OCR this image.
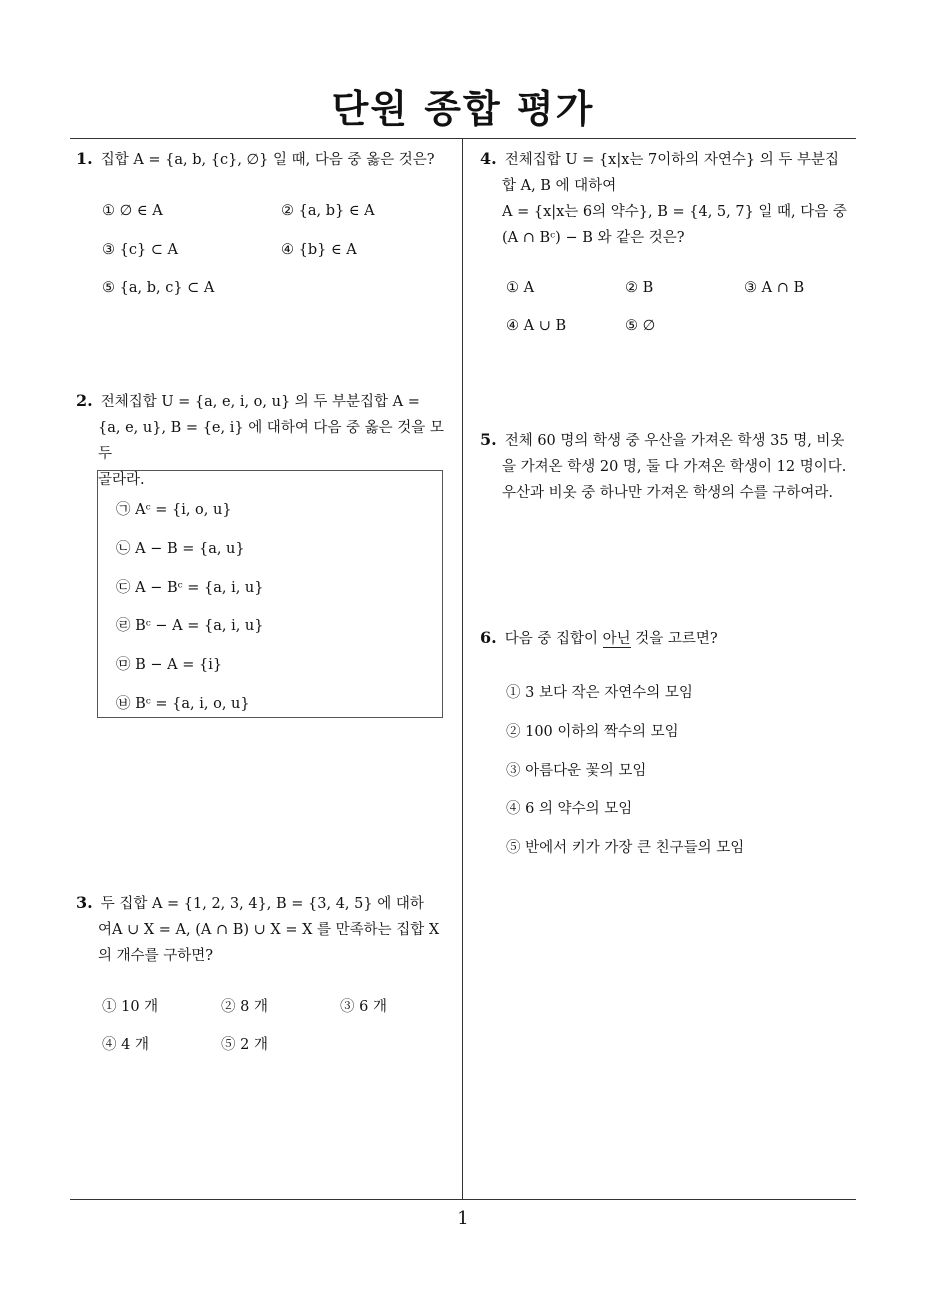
단원 종합 평가
1. 집합 A = {a, b, {c}, ∅} 일 때, 다음 중 옳은 것은?
① ∅ ∈ A	② {a, b} ∈ A
③ {c} ⊂ A	④ {b} ∈ A
⑤ {a, b, c} ⊂ A
2. 전체집합 U = {a, e, i, o, u} 의 두 부분집합 A =
{a, e, u}, B = {e, i} 에 대하여 다음 중 옳은 것을 모두
골라라.
㉠ Aᶜ = {i, o, u}
㉡ A − B = {a, u}
㉢ A − Bᶜ = {a, i, u}
㉣ Bᶜ − A = {a, i, u}
㉤ B − A = {i}
㉥ Bᶜ = {a, i, o, u}
3. 두 집합 A = {1, 2, 3, 4}, B = {3, 4, 5} 에 대하
여A ∪ X = A, (A ∩ B) ∪ X = X 를 만족하는 집합 X
의 개수를 구하면?
① 10 개	② 8 개	③ 6 개
④ 4 개	⑤ 2 개
4. 전체집합 U = {x|x는 7이하의 자연수} 의 두 부분집
합 A, B 에 대하여
A = {x|x는 6의 약수}, B = {4, 5, 7} 일 때, 다음 중
(A ∩ Bᶜ) − B 와 같은 것은?
① A	② B	③ A ∩ B
④ A ∪ B	⑤ ∅
5. 전체 60 명의 학생 중 우산을 가져온 학생 35 명, 비옷
을 가져온 학생 20 명, 둘 다 가져온 학생이 12 명이다.
우산과 비옷 중 하나만 가져온 학생의 수를 구하여라.
6. 다음 중 집합이 아닌 것을 고르면?
① 3 보다 작은 자연수의 모임
② 100 이하의 짝수의 모임
③ 아름다운 꽃의 모임
④ 6 의 약수의 모임
⑤ 반에서 키가 가장 큰 친구들의 모임
1
